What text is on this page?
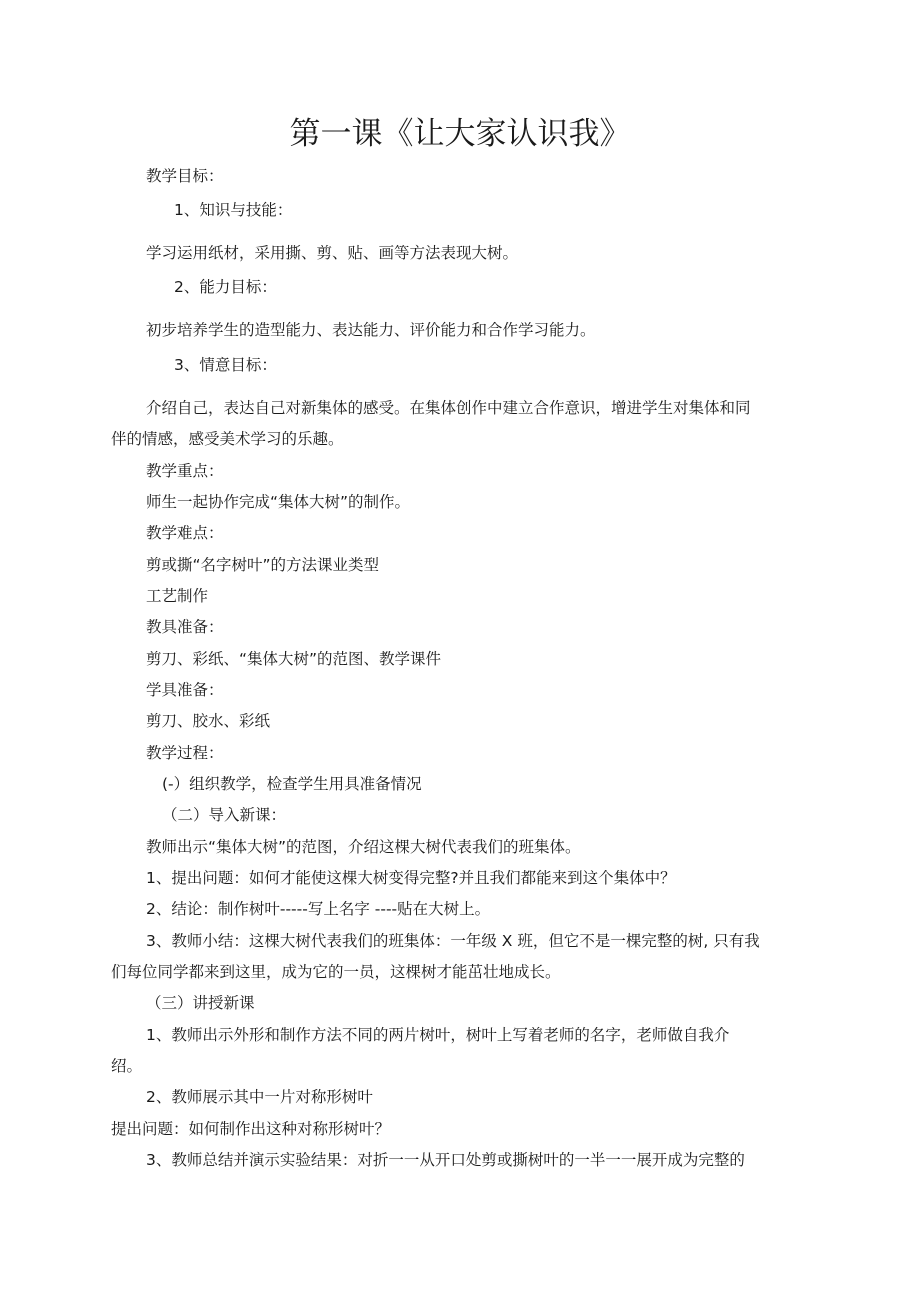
第一课《让大家认识我》
教学目标：
1、知识与技能：
学习运用纸材，采用撕、剪、贴、画等方法表现大树。
2、能力目标：
初步培养学生的造型能力、表达能力、评价能力和合作学习能力。
3、情意目标：
介绍自己，表达自己对新集体的感受。在集体创作中建立合作意识，增进学生对集体和同
伴的情感，感受美术学习的乐趣。
教学重点：
师生一起协作完成“集体大树”的制作。
教学难点：
剪或撕“名字树叶”的方法课业类型
工艺制作
教具准备：
剪刀、彩纸、“集体大树”的范图、教学课件
学具准备：
剪刀、胶水、彩纸
教学过程：
(-）组织教学，检查学生用具准备情况
（二）导入新课：
教师出示“集体大树”的范图，介绍这棵大树代表我们的班集体。
1、提出问题：如何才能使这棵大树变得完整?并且我们都能来到这个集体中？
2、结论：制作树叶-----写上名字 ----贴在大树上。
3、教师小结：这棵大树代表我们的班集体：一年级 X 班，但它不是一棵完整的树, 只有我
们每位同学都来到这里，成为它的一员，这棵树才能茁壮地成长。
（三）讲授新课
1、教师出示外形和制作方法不同的两片树叶，树叶上写着老师的名字，老师做自我介
绍。
2、教师展示其中一片对称形树叶
提出问题：如何制作出这种对称形树叶？
3、教师总结并演示实验结果：对折一一从开口处剪或撕树叶的一半一一展开成为完整的
